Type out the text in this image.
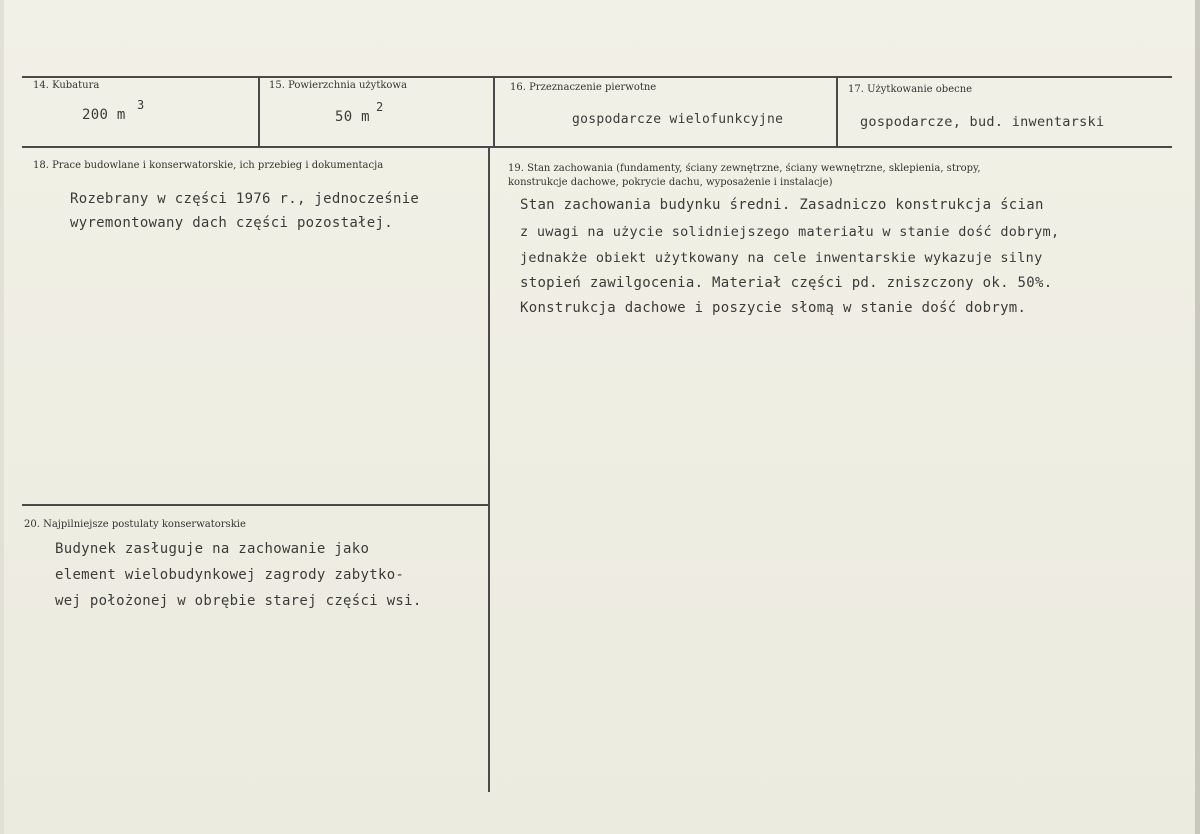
14. Kubatura
200 m
3
15. Powierzchnia użytkowa
50 m
2
16. Przeznaczenie pierwotne
gospodarcze wielofunkcyjne
17. Użytkowanie obecne
gospodarcze, bud. inwentarski
18. Prace budowlane i konserwatorskie, ich przebieg i dokumentacja
Rozebrany w części 1976 r., jednocześnie
wyremontowany dach części pozostałej.
19. Stan zachowania (fundamenty, ściany zewnętrzne, ściany wewnętrzne, sklepienia, stropy,
konstrukcje dachowe, pokrycie dachu, wyposażenie i instalacje)
Stan zachowania budynku średni. Zasadniczo konstrukcja ścian
z uwagi na użycie solidniejszego materiału w stanie dość dobrym,
jednakże obiekt użytkowany na cele inwentarskie wykazuje silny
stopień zawilgocenia. Materiał części pd. zniszczony ok. 50%.
Konstrukcja dachowe i poszycie słomą w stanie dość dobrym.
20. Najpilniejsze postulaty konserwatorskie
Budynek zasługuje na zachowanie jako
element wielobudynkowej zagrody zabytko-
wej położonej w obrębie starej części wsi.
